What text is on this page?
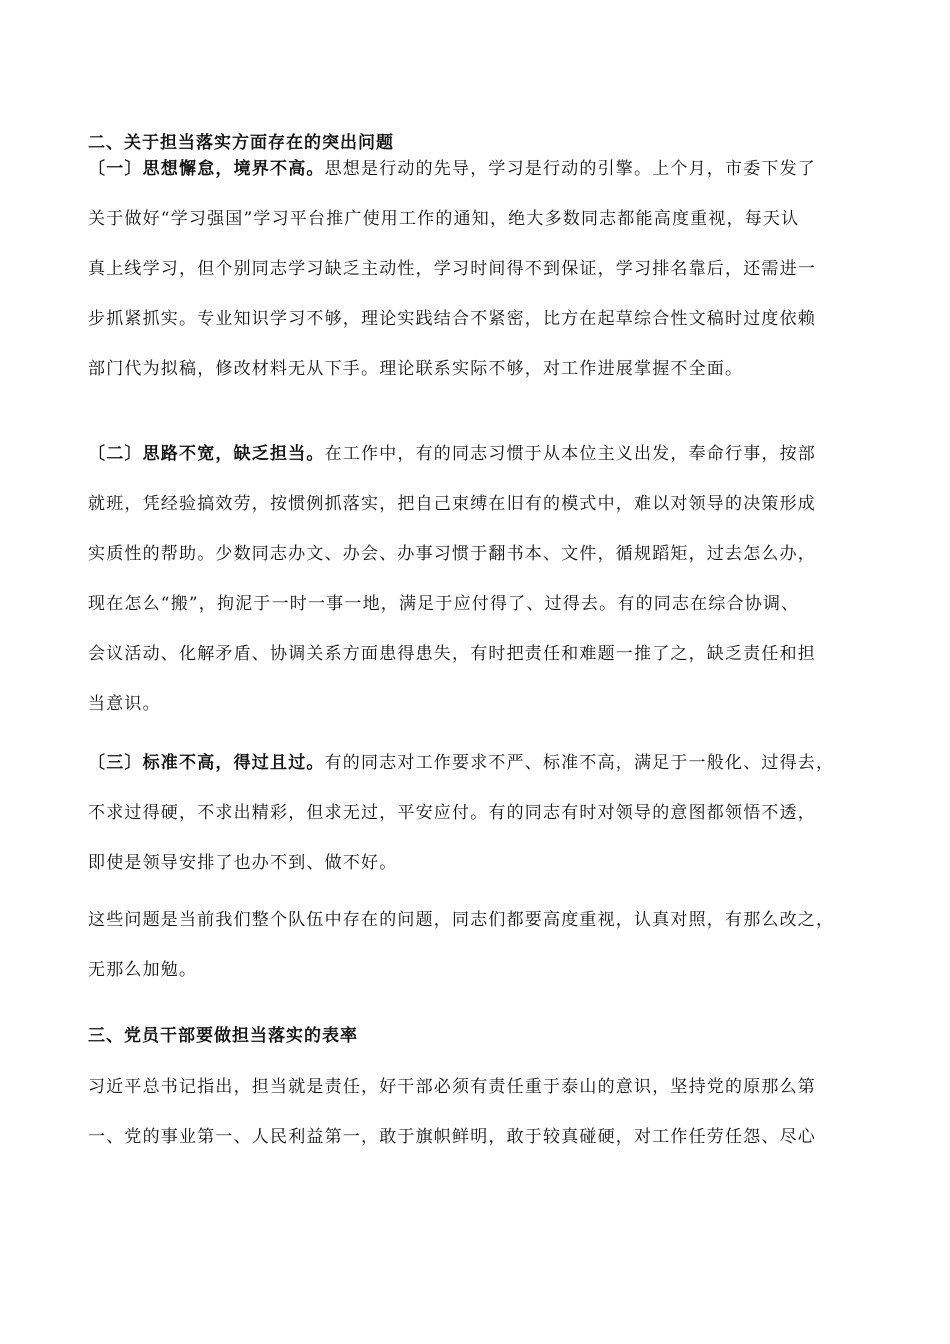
二、关于担当落实方面存在的突出问题
〔一〕思想懈怠，境界不高。思想是行动的先导，学习是行动的引擎。上个月，市委下发了
关于做好“学习强国”学习平台推广使用工作的通知，绝大多数同志都能高度重视，每天认
真上线学习，但个别同志学习缺乏主动性，学习时间得不到保证，学习排名靠后，还需进一
步抓紧抓实。专业知识学习不够，理论实践结合不紧密，比方在起草综合性文稿时过度依赖
部门代为拟稿，修改材料无从下手。理论联系实际不够，对工作进展掌握不全面。
〔二〕思路不宽，缺乏担当。在工作中，有的同志习惯于从本位主义出发，奉命行事，按部
就班，凭经验搞效劳，按惯例抓落实，把自己束缚在旧有的模式中，难以对领导的决策形成
实质性的帮助。少数同志办文、办会、办事习惯于翻书本、文件，循规蹈矩，过去怎么办，
现在怎么“搬”，拘泥于一时一事一地，满足于应付得了、过得去。有的同志在综合协调、
会议活动、化解矛盾、协调关系方面患得患失，有时把责任和难题一推了之，缺乏责任和担
当意识。
〔三〕标准不高，得过且过。有的同志对工作要求不严、标准不高，满足于一般化、过得去，
不求过得硬，不求出精彩，但求无过，平安应付。有的同志有时对领导的意图都领悟不透，
即使是领导安排了也办不到、做不好。
这些问题是当前我们整个队伍中存在的问题，同志们都要高度重视，认真对照，有那么改之，
无那么加勉。
三、党员干部要做担当落实的表率
习近平总书记指出，担当就是责任，好干部必须有责任重于泰山的意识，坚持党的原那么第
一、党的事业第一、人民利益第一，敢于旗帜鲜明，敢于较真碰硬，对工作任劳任怨、尽心
